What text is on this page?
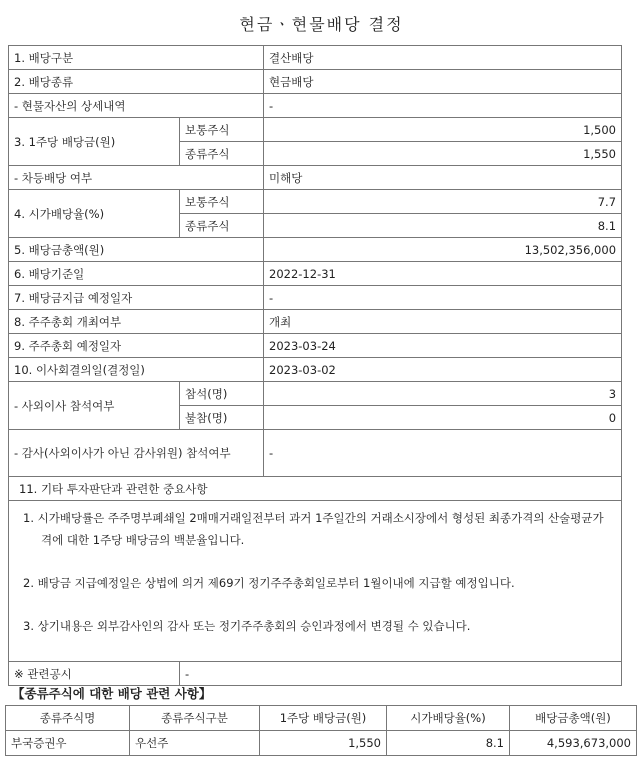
현금ㆍ현물배당 결정
1. 배당구분		결산배당
2. 배당종류		현금배당
- 현물자산의 상세내역		-
3. 1주당 배당금(원)	보통주식	1,500
	종류주식	1,550
- 차등배당 여부		미해당
4. 시가배당율(%)	보통주식	7.7
	종류주식	8.1
5. 배당금총액(원)		13,502,356,000
6. 배당기준일		2022-12-31
7. 배당금지급 예정일자		-
8. 주주총회 개최여부		개최
9. 주주총회 예정일자		2023-03-24
10. 이사회결의일(결정일)		2023-03-02
- 사외이사 참석여부	참석(명)	3
	불참(명)	0
- 감사(사외이사가 아닌 감사위원) 참석여부		-
11. 기타 투자판단과 관련한 중요사항		

1. 시가배당률은 주주명부폐쇄일 2매매거래일전부터 과거 1주일간의 거래소시장에서 형성된 최종가격의 산술평균가격에 대한 1주당 배당금의 백분율입니다.

2. 배당금 지급예정일은 상법에 의거 제69기 정기주주총회일로부터 1월이내에 지급할 예정입니다.

3. 상기내용은 외부감사인의 감사 또는 정기주주총회의 승인과정에서 변경될 수 있습니다.		

※ 관련공시	-	
【종류주식에 대한 배당 관련 사항】
종류주식명	종류주식구분	1주당 배당금(원)	시가배당율(%)	배당금총액(원)
부국증권우	우선주	1,550	8.1	4,593,673,000
